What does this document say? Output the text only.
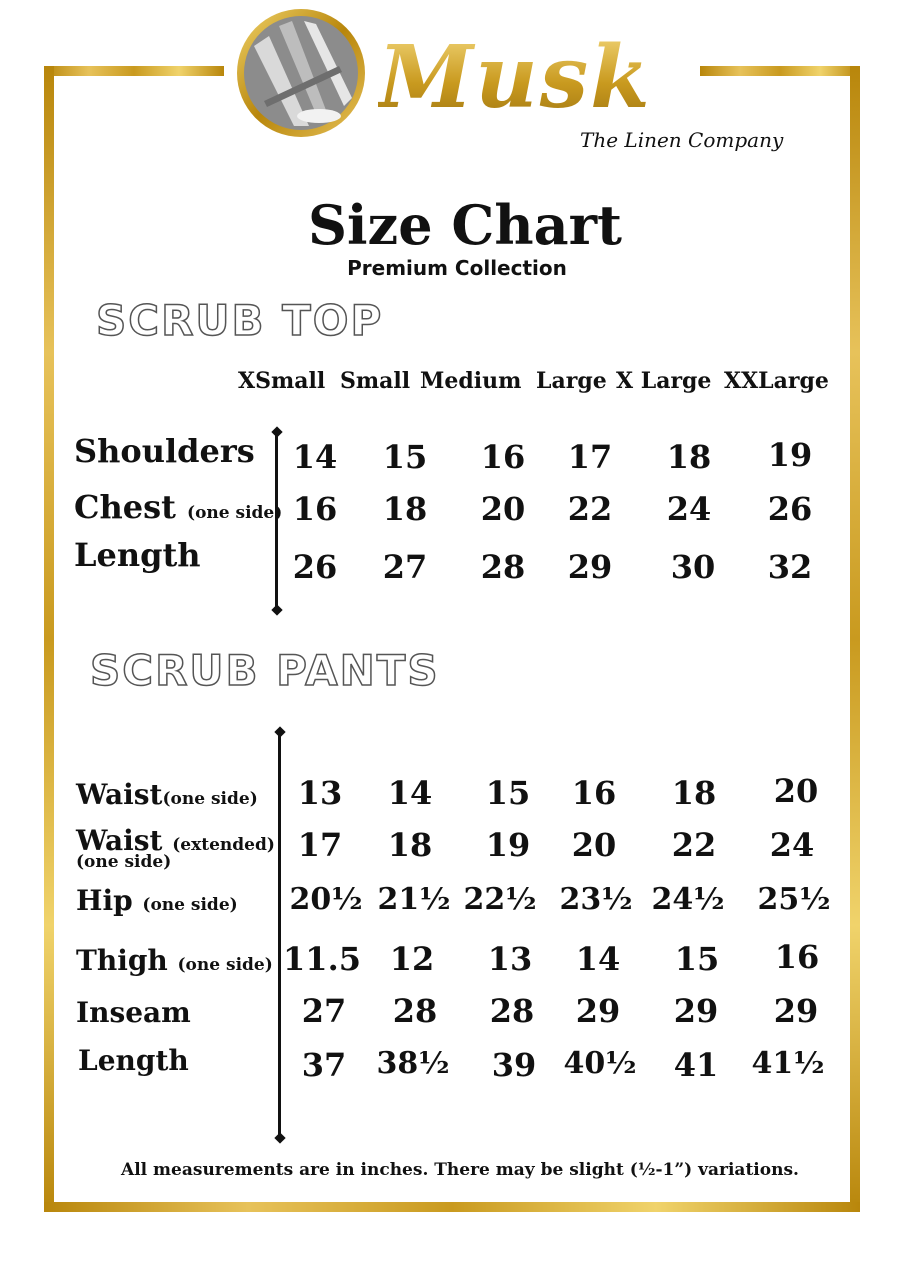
Musk
The Linen Company
Size Chart
Premium Collection
SCRUB TOP
XSmall Small Medium Large X Large XXLarge
Shoulders	14	15	16	17	18	19
Chest (one side) 16	18	20	22	24	26
Length	26	27	28	29	30	32
SCRUB PANTS
Waist(one side)	13	14	15	16	18	20
Waist (extended)
(one side)	17	18	19	20	22	24
Hip (one side) 20½ 21½ 22½ 23½ 24½ 25½
Thigh (one side) 11.5 12	13	14	15	16
Inseam	27	28	28	29	29	29
Length	37	38½	39 40½	41	41½
All measurements are in inches. There may be slight (½-1”) variations.
